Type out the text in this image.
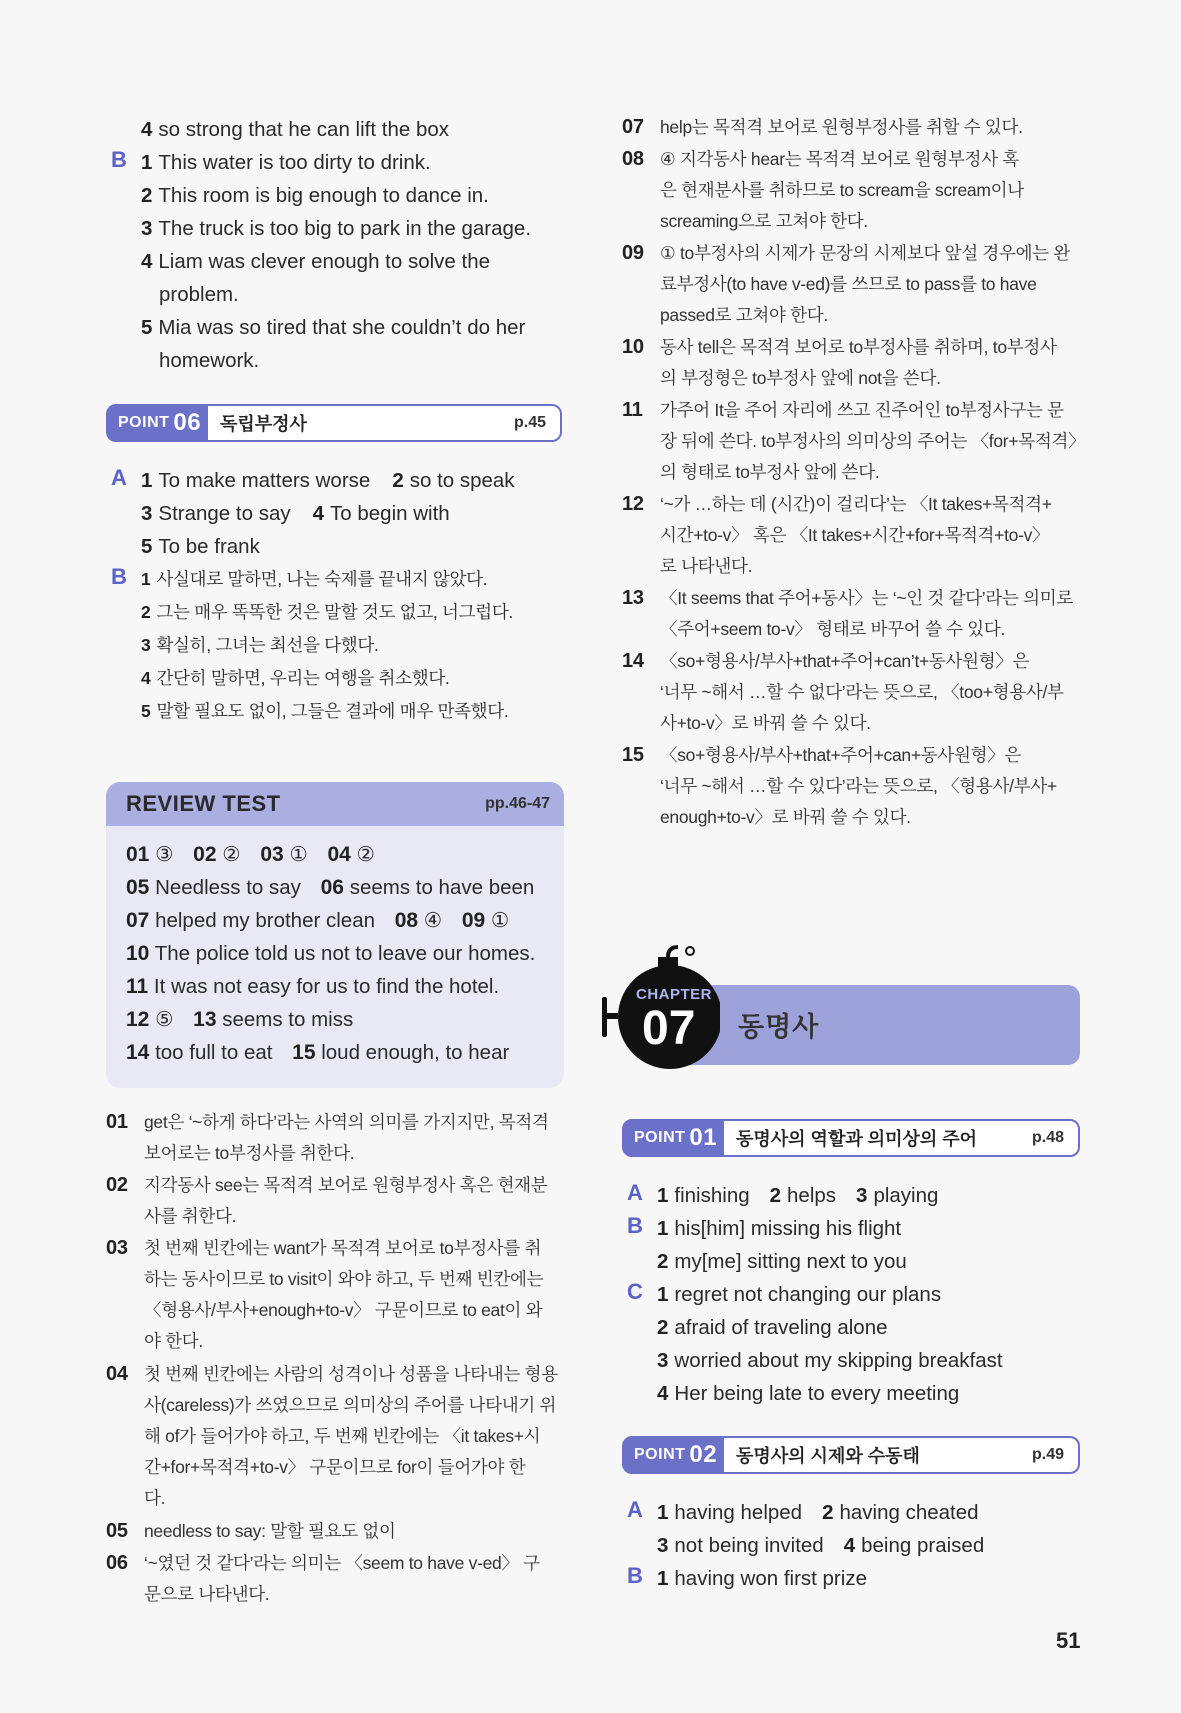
4 so strong that he can lift the box
B 1 This water is too dirty to drink.
2 This room is big enough to dance in.
3 The truck is too big to park in the garage.
4 Liam was clever enough to solve the
problem.
5 Mia was so tired that she couldn’t do her
homework.
POINT 06 독립부정사	p.45
A 1 To make matters worse 2 so to speak
3 Strange to say 4 To begin with
5 To be frank
B 1 사실대로 말하면, 나는 숙제를 끝내지 않았다.
2 그는 매우 똑똑한 것은 말할 것도 없고, 너그럽다.
3 확실히, 그녀는 최선을 다했다.
4 간단히 말하면, 우리는 여행을 취소했다.
5 말할 필요도 없이, 그들은 결과에 매우 만족했다.
REVIEW TEST	pp.46-47
01 ③ 02 ② 03 ① 04 ②
05 Needless to say 06 seems to have been
07 helped my brother clean 08 ④ 09 ①
10 The police told us not to leave our homes.
11 It was not easy for us to find the hotel.
12 ⑤ 13 seems to miss
14 too full to eat 15 loud enough, to hear
01 get은 ‘~하게 하다’라는 사역의 의미를 가지지만, 목적격
보어로는 to부정사를 취한다.
02 지각동사 see는 목적격 보어로 원형부정사 혹은 현재분
사를 취한다.
03 첫 번째 빈칸에는 want가 목적격 보어로 to부정사를 취
하는 동사이므로 to visit이 와야 하고, 두 번째 빈칸에는
〈형용사/부사+enough+to-v〉 구문이므로 to eat이 와
야 한다.
04 첫 번째 빈칸에는 사람의 성격이나 성품을 나타내는 형용
사(careless)가 쓰였으므로 의미상의 주어를 나타내기 위
해 of가 들어가야 하고, 두 번째 빈칸에는 〈it takes+시
간+for+목적격+to-v〉 구문이므로 for이 들어가야 한
다.
05 needless to say: 말할 필요도 없이
06 ‘~였던 것 같다’라는 의미는 〈seem to have v-ed〉 구
문으로 나타낸다.
07 help는 목적격 보어로 원형부정사를 취할 수 있다.
08 ④ 지각동사 hear는 목적격 보어로 원형부정사 혹
은 현재분사를 취하므로 to scream을 scream이나
screaming으로 고쳐야 한다.
09 ① to부정사의 시제가 문장의 시제보다 앞설 경우에는 완
료부정사(to have v-ed)를 쓰므로 to pass를 to have
passed로 고쳐야 한다.
10 동사 tell은 목적격 보어로 to부정사를 취하며, to부정사
의 부정형은 to부정사 앞에 not을 쓴다.
11 가주어 It을 주어 자리에 쓰고 진주어인 to부정사구는 문
장 뒤에 쓴다. to부정사의 의미상의 주어는 〈for+목적격〉
의 형태로 to부정사 앞에 쓴다.
12 ‘~가 …하는 데 (시간)이 걸리다’는 〈It takes+목적격+
시간+to-v〉 혹은 〈It takes+시간+for+목적격+to-v〉
로 나타낸다.
13 〈It seems that 주어+동사〉는 ‘~인 것 같다’라는 의미로
〈주어+seem to-v〉 형태로 바꾸어 쓸 수 있다.
14 〈so+형용사/부사+that+주어+can’t+동사원형〉은
‘너무 ~해서 …할 수 없다’라는 뜻으로, 〈too+형용사/부
사+to-v〉로 바꿔 쓸 수 있다.
15 〈so+형용사/부사+that+주어+can+동사원형〉은
‘너무 ~해서 …할 수 있다’라는 뜻으로, 〈형용사/부사+
enough+to-v〉로 바꿔 쓸 수 있다.
CHAPTER
07 동명사
POINT 01 동명사의 역할과 의미상의 주어	p.48
A 1 finishing 2 helps 3 playing
B 1 his[him] missing his flight
2 my[me] sitting next to you
C 1 regret not changing our plans
2 afraid of traveling alone
3 worried about my skipping breakfast
4 Her being late to every meeting
POINT 02 동명사의 시제와 수동태	p.49
A 1 having helped 2 having cheated
3 not being invited 4 being praised
B 1 having won first prize
51
